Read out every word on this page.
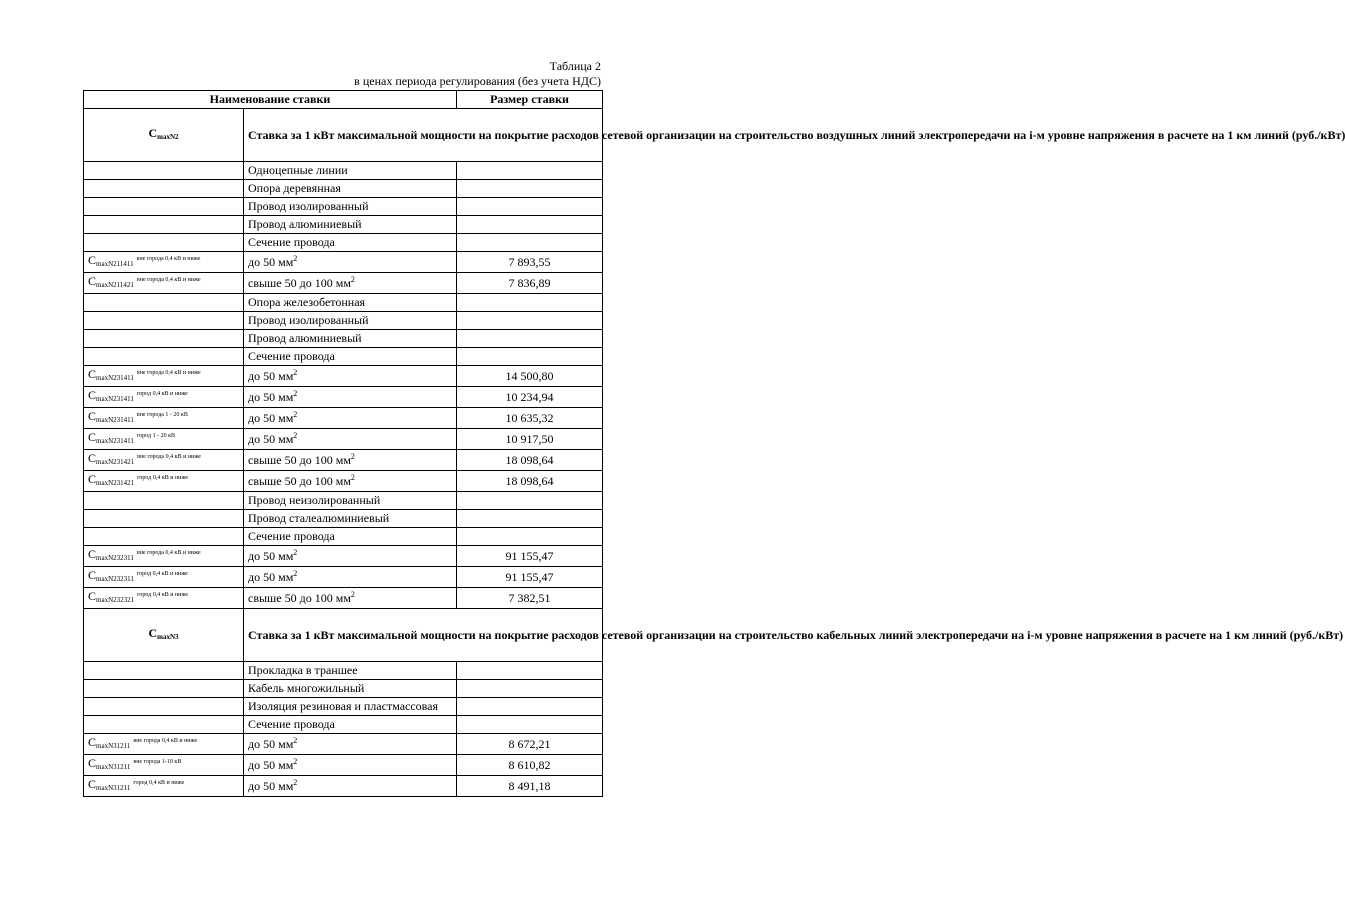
Таблица 2
в ценах периода регулирования (без учета НДС)
Наименование ставки		Размер ставки
$C_{maxN2}$	Ставка за 1 кВт максимальной мощности на покрытие расходов сетевой организации на строительство воздушных линий электропередачи на i-м уровне напряжения в расчете на 1 км линий (руб./кВт)	
	Одноцепные линии	
	Опора деревянная	
	Провод изолированный	
	Провод алюминиевый	
	Сечение провода	
$C_{maxN211411}^{вне города 0,4 кВ и ниже}$	до 50 $мм^2$	7 893,55
$C_{maxN211421}^{вне города 0,4 кВ и ниже}$	свыше 50 до 100 $мм^2$	7 836,89
	Опора железобетонная	
	Провод изолированный	
	Провод алюминиевый	
	Сечение провода	
$C_{maxN231411}^{вне города 0,4 кВ и ниже}$	до 50 $мм^2$	14 500,80
$C_{maxN231411}^{город 0,4 кВ и ниже}$	до 50 $мм^2$	10 234,94
$C_{maxN231411}^{вне города 1 - 20 кВ}$	до 50 $мм^2$	10 635,32
$C_{maxN231411}^{город 1 - 20 кВ}$	до 50 $мм^2$	10 917,50
$C_{maxN231421}^{вне города 0,4 кВ и ниже}$	свыше 50 до 100 $мм^2$	18 098,64
$C_{maxN231421}^{город 0,4 кВ и ниже}$	свыше 50 до 100 $мм^2$	18 098,64
	Провод неизолированный	
	Провод сталеалюминиевый	
	Сечение провода	
$C_{maxN232311}^{вне города 0,4 кВ и ниже}$	до 50 $мм^2$	91 155,47
$C_{maxN232311}^{город 0,4 кВ и ниже}$	до 50 $мм^2$	91 155,47
$C_{maxN232321}^{город 0,4 кВ и ниже}$	свыше 50 до 100 $мм^2$	7 382,51
$C_{maxN3}$	Ставка за 1 кВт максимальной мощности на покрытие расходов сетевой организации на строительство кабельных линий электропередачи на i-м уровне напряжения в расчете на 1 км линий (руб./кВт)	
	Прокладка в траншее	
	Кабель многожильный	
	Изоляция резиновая и пластмассовая	
	Сечение провода	
$C_{maxN31211}^{вне города 0,4 кВ и ниже}$	до 50 $мм^2$	8 672,21
$C_{maxN31211}^{вне города 1-10 кВ}$	до 50 $мм^2$	8 610,82
$C_{maxN31211}^{город 0,4 кВ и ниже}$	до 50 $мм^2$	8 491,18
